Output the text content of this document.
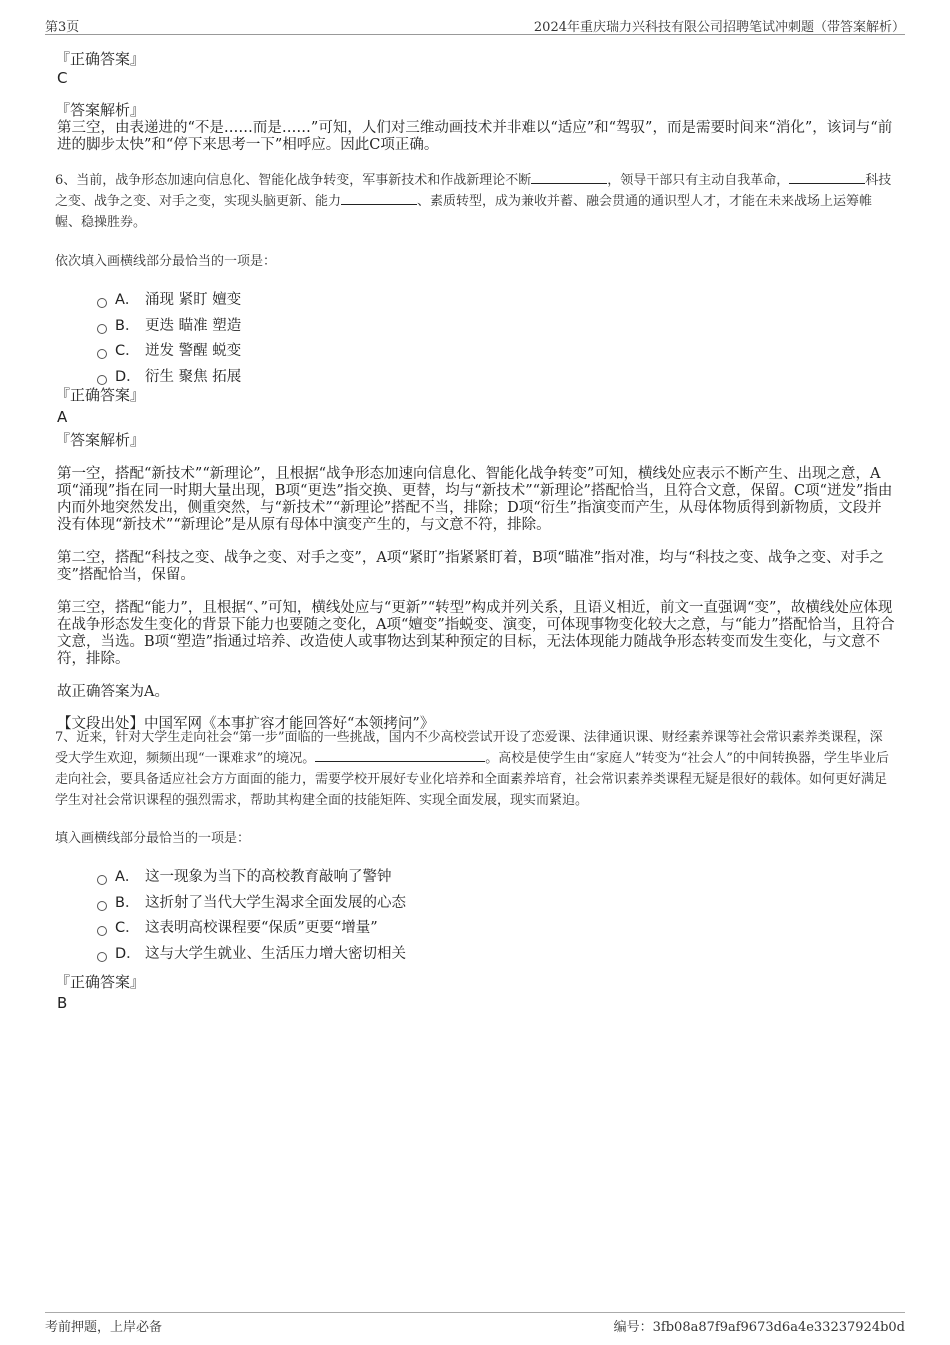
第3页	2024年重庆瑞力兴科技有限公司招聘笔试冲刺题（带答案解析）

『正确答案』

C

『答案解析』

第三空，由表递进的“不是……而是……”可知，人们对三维动画技术并非难以“适应”和“驾驭”，而是需要时间来“消化”，该词与“前进的脚步太快”和“停下来思考一下”相呼应。因此C项正确。

6、当前，战争形态加速向信息化、智能化战争转变，军事新技术和作战新理论不断	，领导干部只有主动自我革命，	科技之变、战争之变、对手之变，实现头脑更新、能力	、素质转型，成为兼收并蓄、融会贯通的通识型人才，才能在未来战场上运筹帷幄、稳操胜券。

依次填入画横线部分最恰当的一项是：

A． 涌现 紧盯 嬗变
B． 更迭 瞄准 塑造
C． 迸发 警醒 蜕变
D． 衍生 聚焦 拓展

『正确答案』

A

『答案解析』

第一空，搭配“新技术”“新理论”，且根据“战争形态加速向信息化、智能化战争转变”可知，横线处应表示不断产生、出现之意，A项“涌现”指在同一时期大量出现，B项“更迭”指交换、更替，均与“新技术”“新理论”搭配恰当，且符合文意，保留。C项“迸发”指由内而外地突然发出，侧重突然，与“新技术”“新理论”搭配不当，排除；D项“衍生”指演变而产生，从母体物质得到新物质，文段并没有体现“新技术”“新理论”是从原有母体中演变产生的，与文意不符，排除。

第二空，搭配“科技之变、战争之变、对手之变”，A项“紧盯”指紧紧盯着，B项“瞄准”指对准，均与“科技之变、战争之变、对手之变”搭配恰当，保留。

第三空，搭配“能力”，且根据“、”可知，横线处应与“更新”“转型”构成并列关系，且语义相近，前文一直强调“变”，故横线处应体现在战争形态发生变化的背景下能力也要随之变化，A项“嬗变”指蜕变、演变，可体现事物变化较大之意，与“能力”搭配恰当，且符合文意，当选。B项“塑造”指通过培养、改造使人或事物达到某种预定的目标，无法体现能力随战争形态转变而发生变化，与文意不符，排除。

故正确答案为A。

【文段出处】中国军网《本事扩容才能回答好“本领拷问”》

7、近来，针对大学生走向社会“第一步”面临的一些挑战，国内不少高校尝试开设了恋爱课、法律通识课、财经素养课等社会常识素养类课程，深受大学生欢迎，频频出现“一课难求”的境况。	。高校是使学生由“家庭人”转变为“社会人”的中间转换器，学生毕业后走向社会，要具备适应社会方方面面的能力，需要学校开展好专业化培养和全面素养培育，社会常识素养类课程无疑是很好的载体。如何更好满足学生对社会常识课程的强烈需求，帮助其构建全面的技能矩阵、实现全面发展，现实而紧迫。

填入画横线部分最恰当的一项是：

A． 这一现象为当下的高校教育敲响了警钟
B． 这折射了当代大学生渴求全面发展的心态
C． 这表明高校课程要“保质”更要“增量”
D． 这与大学生就业、生活压力增大密切相关

『正确答案』

B

考前押题，上岸必备	编号：3fb08a87f9af9673d6a4e33237924b0d
